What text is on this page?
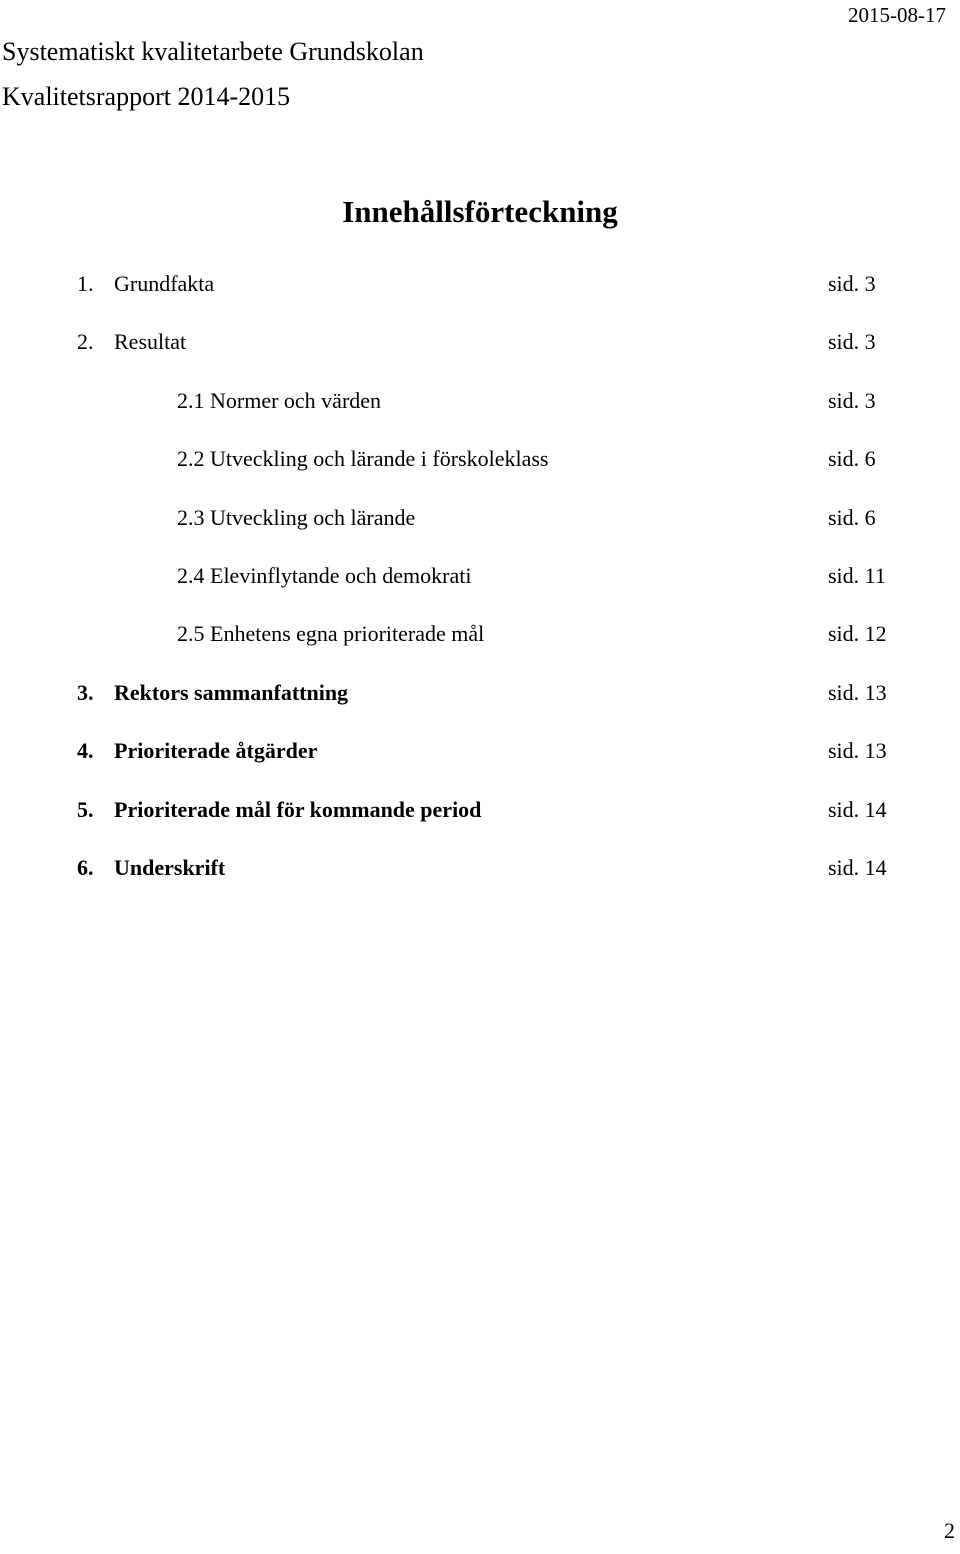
Systematiskt kvalitetarbete Grundskolan
Kvalitetsrapport 2014-2015
2015-08-17
Innehållsförteckning
1. Grundfakta	sid. 3
2. Resultat	sid. 3
2.1 Normer och värden	sid. 3
2.2 Utveckling och lärande i förskoleklass	sid. 6
2.3 Utveckling och lärande	sid. 6
2.4 Elevinflytande och demokrati	sid. 11
2.5 Enhetens egna prioriterade mål	sid. 12
3. Rektors sammanfattning	sid. 13
4. Prioriterade åtgärder	sid. 13
5. Prioriterade mål för kommande period	sid. 14
6. Underskrift	sid. 14
2
